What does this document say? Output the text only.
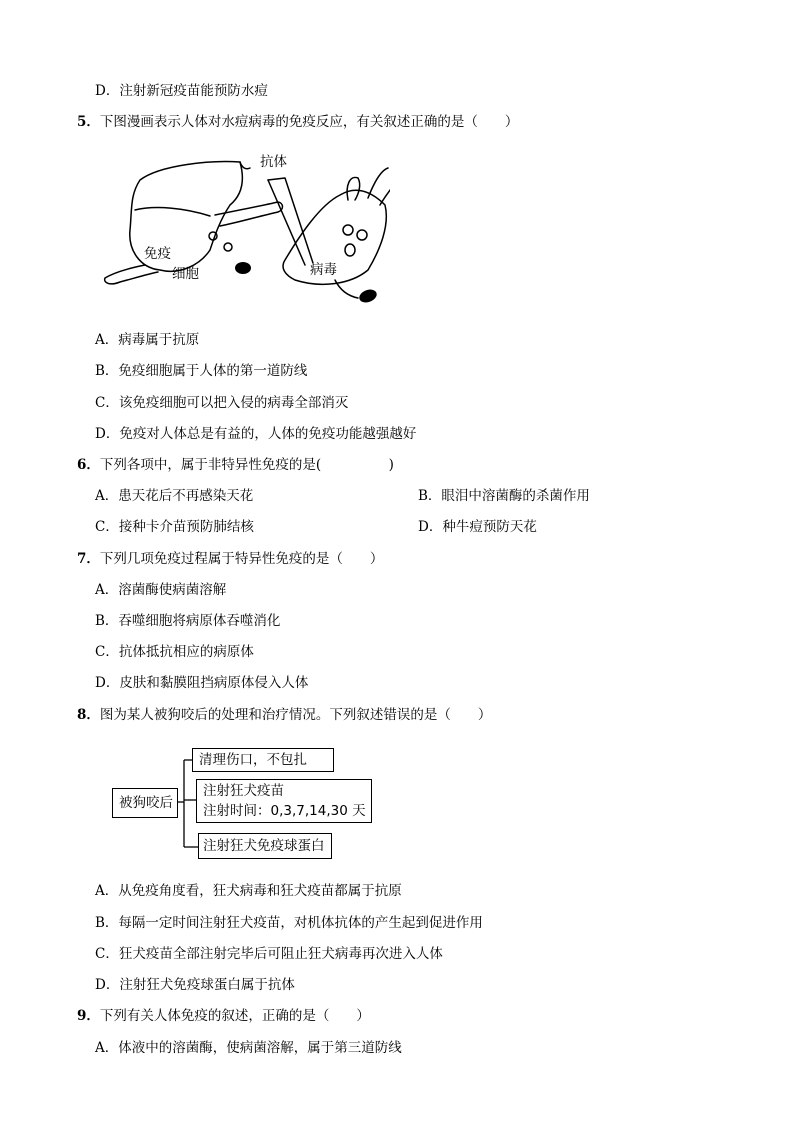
D．注射新冠疫苗能预防水痘
5．下图漫画表示人体对水痘病毒的免疫反应，有关叙述正确的是（　　）
抗体
免疫
细胞	病毒
A．病毒属于抗原
B．免疫细胞属于人体的第一道防线
C．该免疫细胞可以把入侵的病毒全部消灭
D．免疫对人体总是有益的，人体的免疫功能越强越好
6．下列各项中，属于非特异性免疫的是(　　　　　)
A．患天花后不再感染天花	B．眼泪中溶菌酶的杀菌作用
C．接种卡介苗预防肺结核	D．种牛痘预防天花
7．下列几项免疫过程属于特异性免疫的是（　　）
A．溶菌酶使病菌溶解
B．吞噬细胞将病原体吞噬消化
C．抗体抵抗相应的病原体
D．皮肤和黏膜阻挡病原体侵入人体
8．图为某人被狗咬后的处理和治疗情况。下列叙述错误的是（　　）
被狗咬后
清理伤口，不包扎
注射狂犬疫苗
注射时间：0,3,7,14,30 天
注射狂犬免疫球蛋白
A．从免疫角度看，狂犬病毒和狂犬疫苗都属于抗原
B．每隔一定时间注射狂犬疫苗，对机体抗体的产生起到促进作用
C．狂犬疫苗全部注射完毕后可阻止狂犬病毒再次进入人体
D．注射狂犬免疫球蛋白属于抗体
9．下列有关人体免疫的叙述，正确的是（　　）
A．体液中的溶菌酶，使病菌溶解，属于第三道防线
